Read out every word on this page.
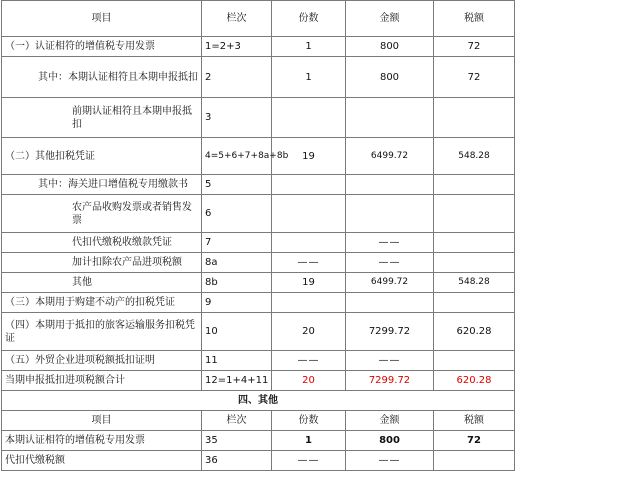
项目	栏次	份数	金额	税额
（一）认证相符的增值税专用发票	1=2+3	1	800	72
其中：本期认证相符且本期申报抵扣	2	1	800	72
前期认证相符且本期申报抵扣	3			
（二）其他扣税凭证	4=5+6+7+8a+8b	19	6499.72	548.28
其中：海关进口增值税专用缴款书	5			
农产品收购发票或者销售发票	6			
代扣代缴税收缴款凭证	7		——	
加计扣除农产品进项税额	8a	——	——	
其他	8b	19	6499.72	548.28
（三）本期用于购建不动产的扣税凭证	9			
（四）本期用于抵扣的旅客运输服务扣税凭证	10	20	7299.72	620.28
（五）外贸企业进项税额抵扣证明	11	——	——	
当期申报抵扣进项税额合计	12=1+4+11	20	7299.72	620.28
四、其他				
项目	栏次	份数	金额	税额
本期认证相符的增值税专用发票	35	1	800	72
代扣代缴税额	36	——	——	
